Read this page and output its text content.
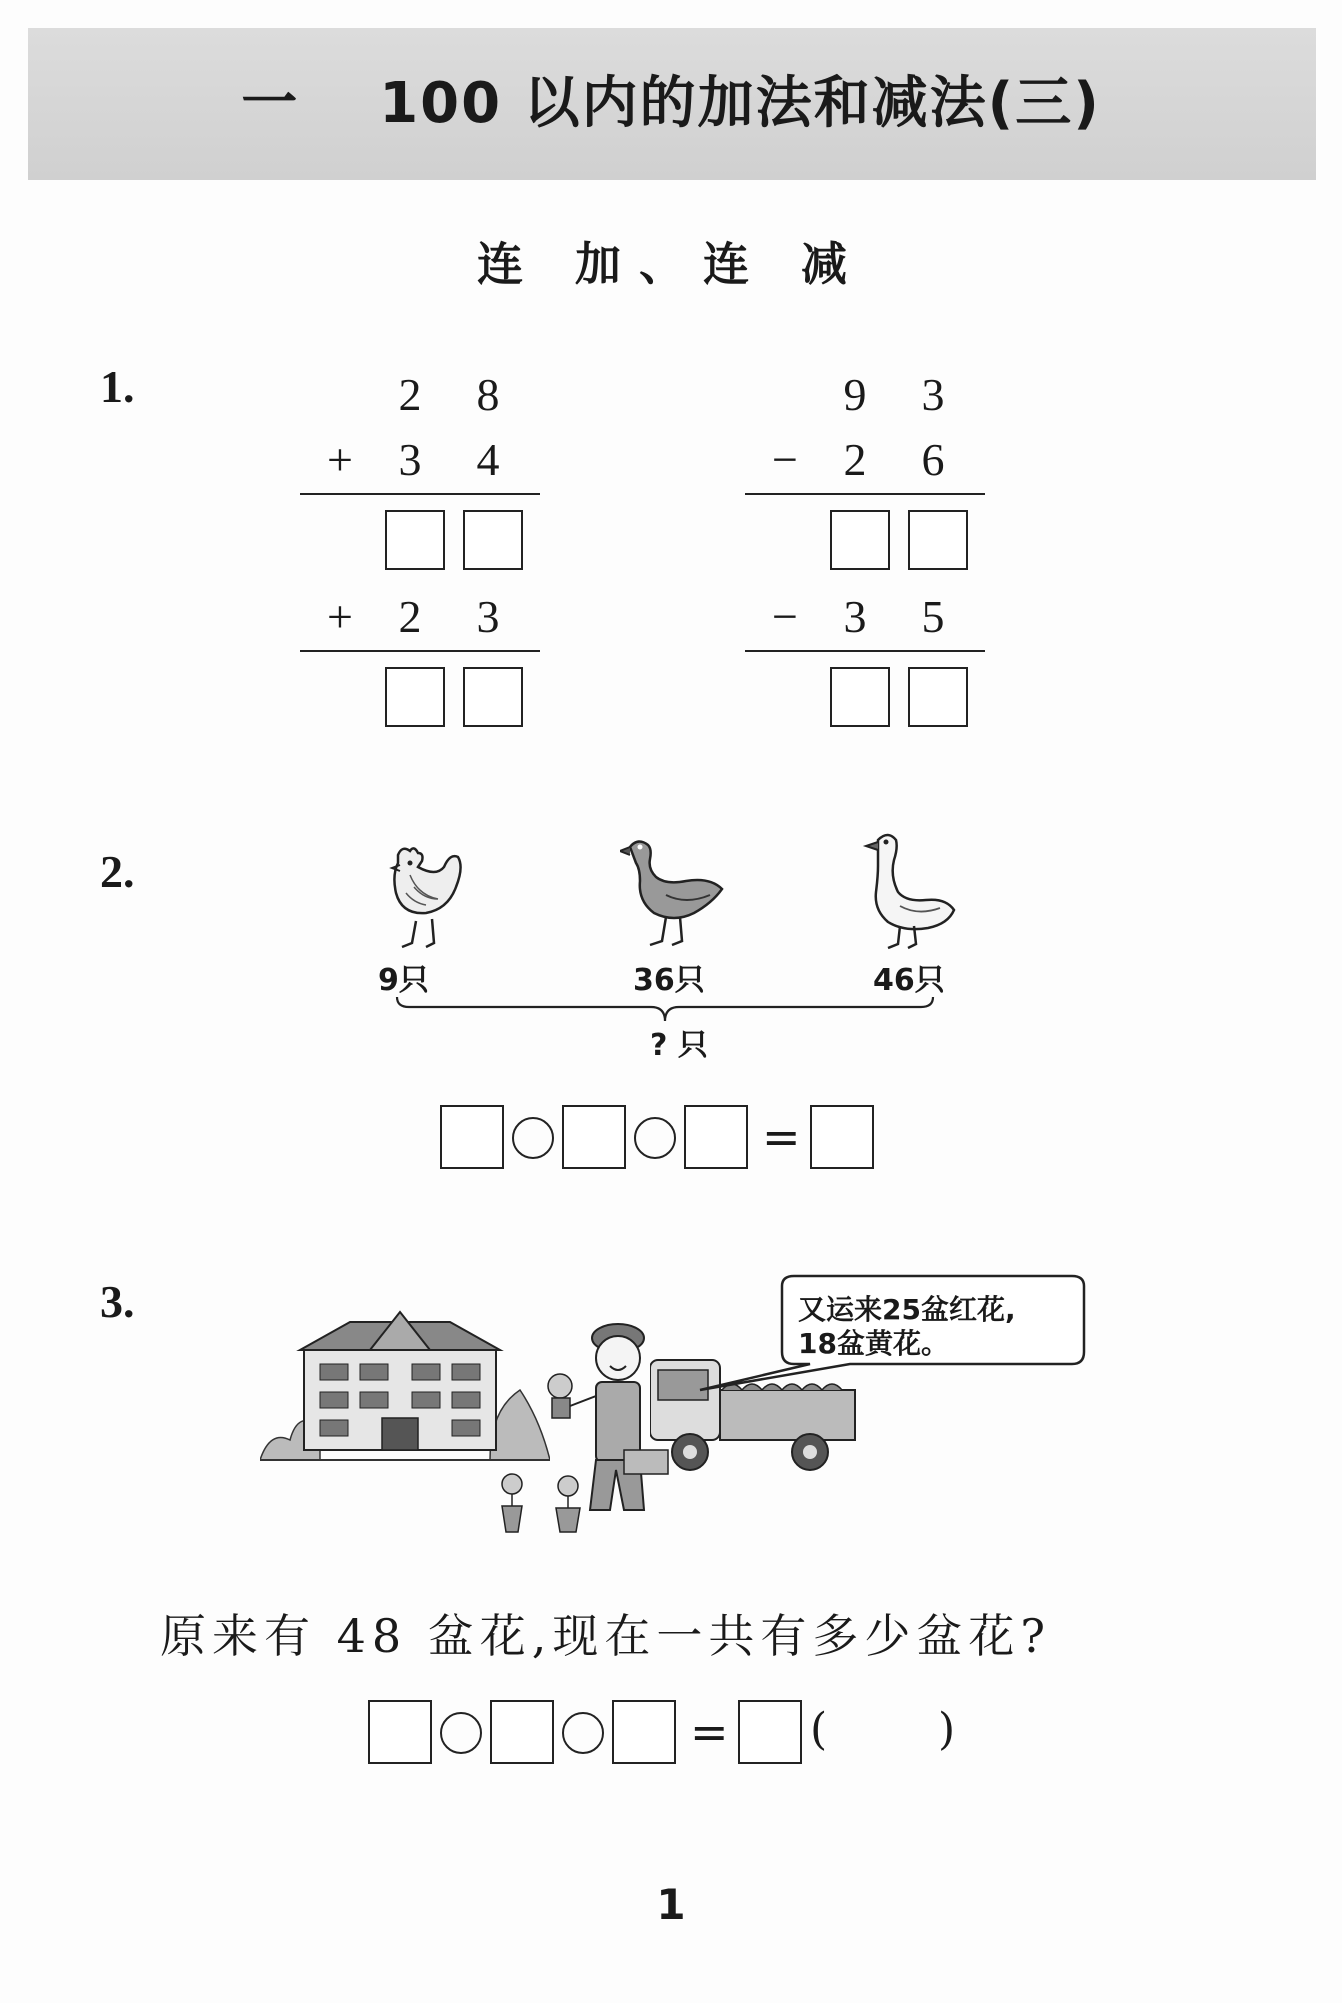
一 100 以内的加法和减法(三)
连 加、连 减
1.	2	8
+ 3	4
+ 2	3
9	3
− 2	6
− 3	5
2.
9只	36只	46只
? 只
=
3.	又运来25盆红花,
18盆黄花。
原来有 48 盆花,现在一共有多少盆花?
= (	)
1
